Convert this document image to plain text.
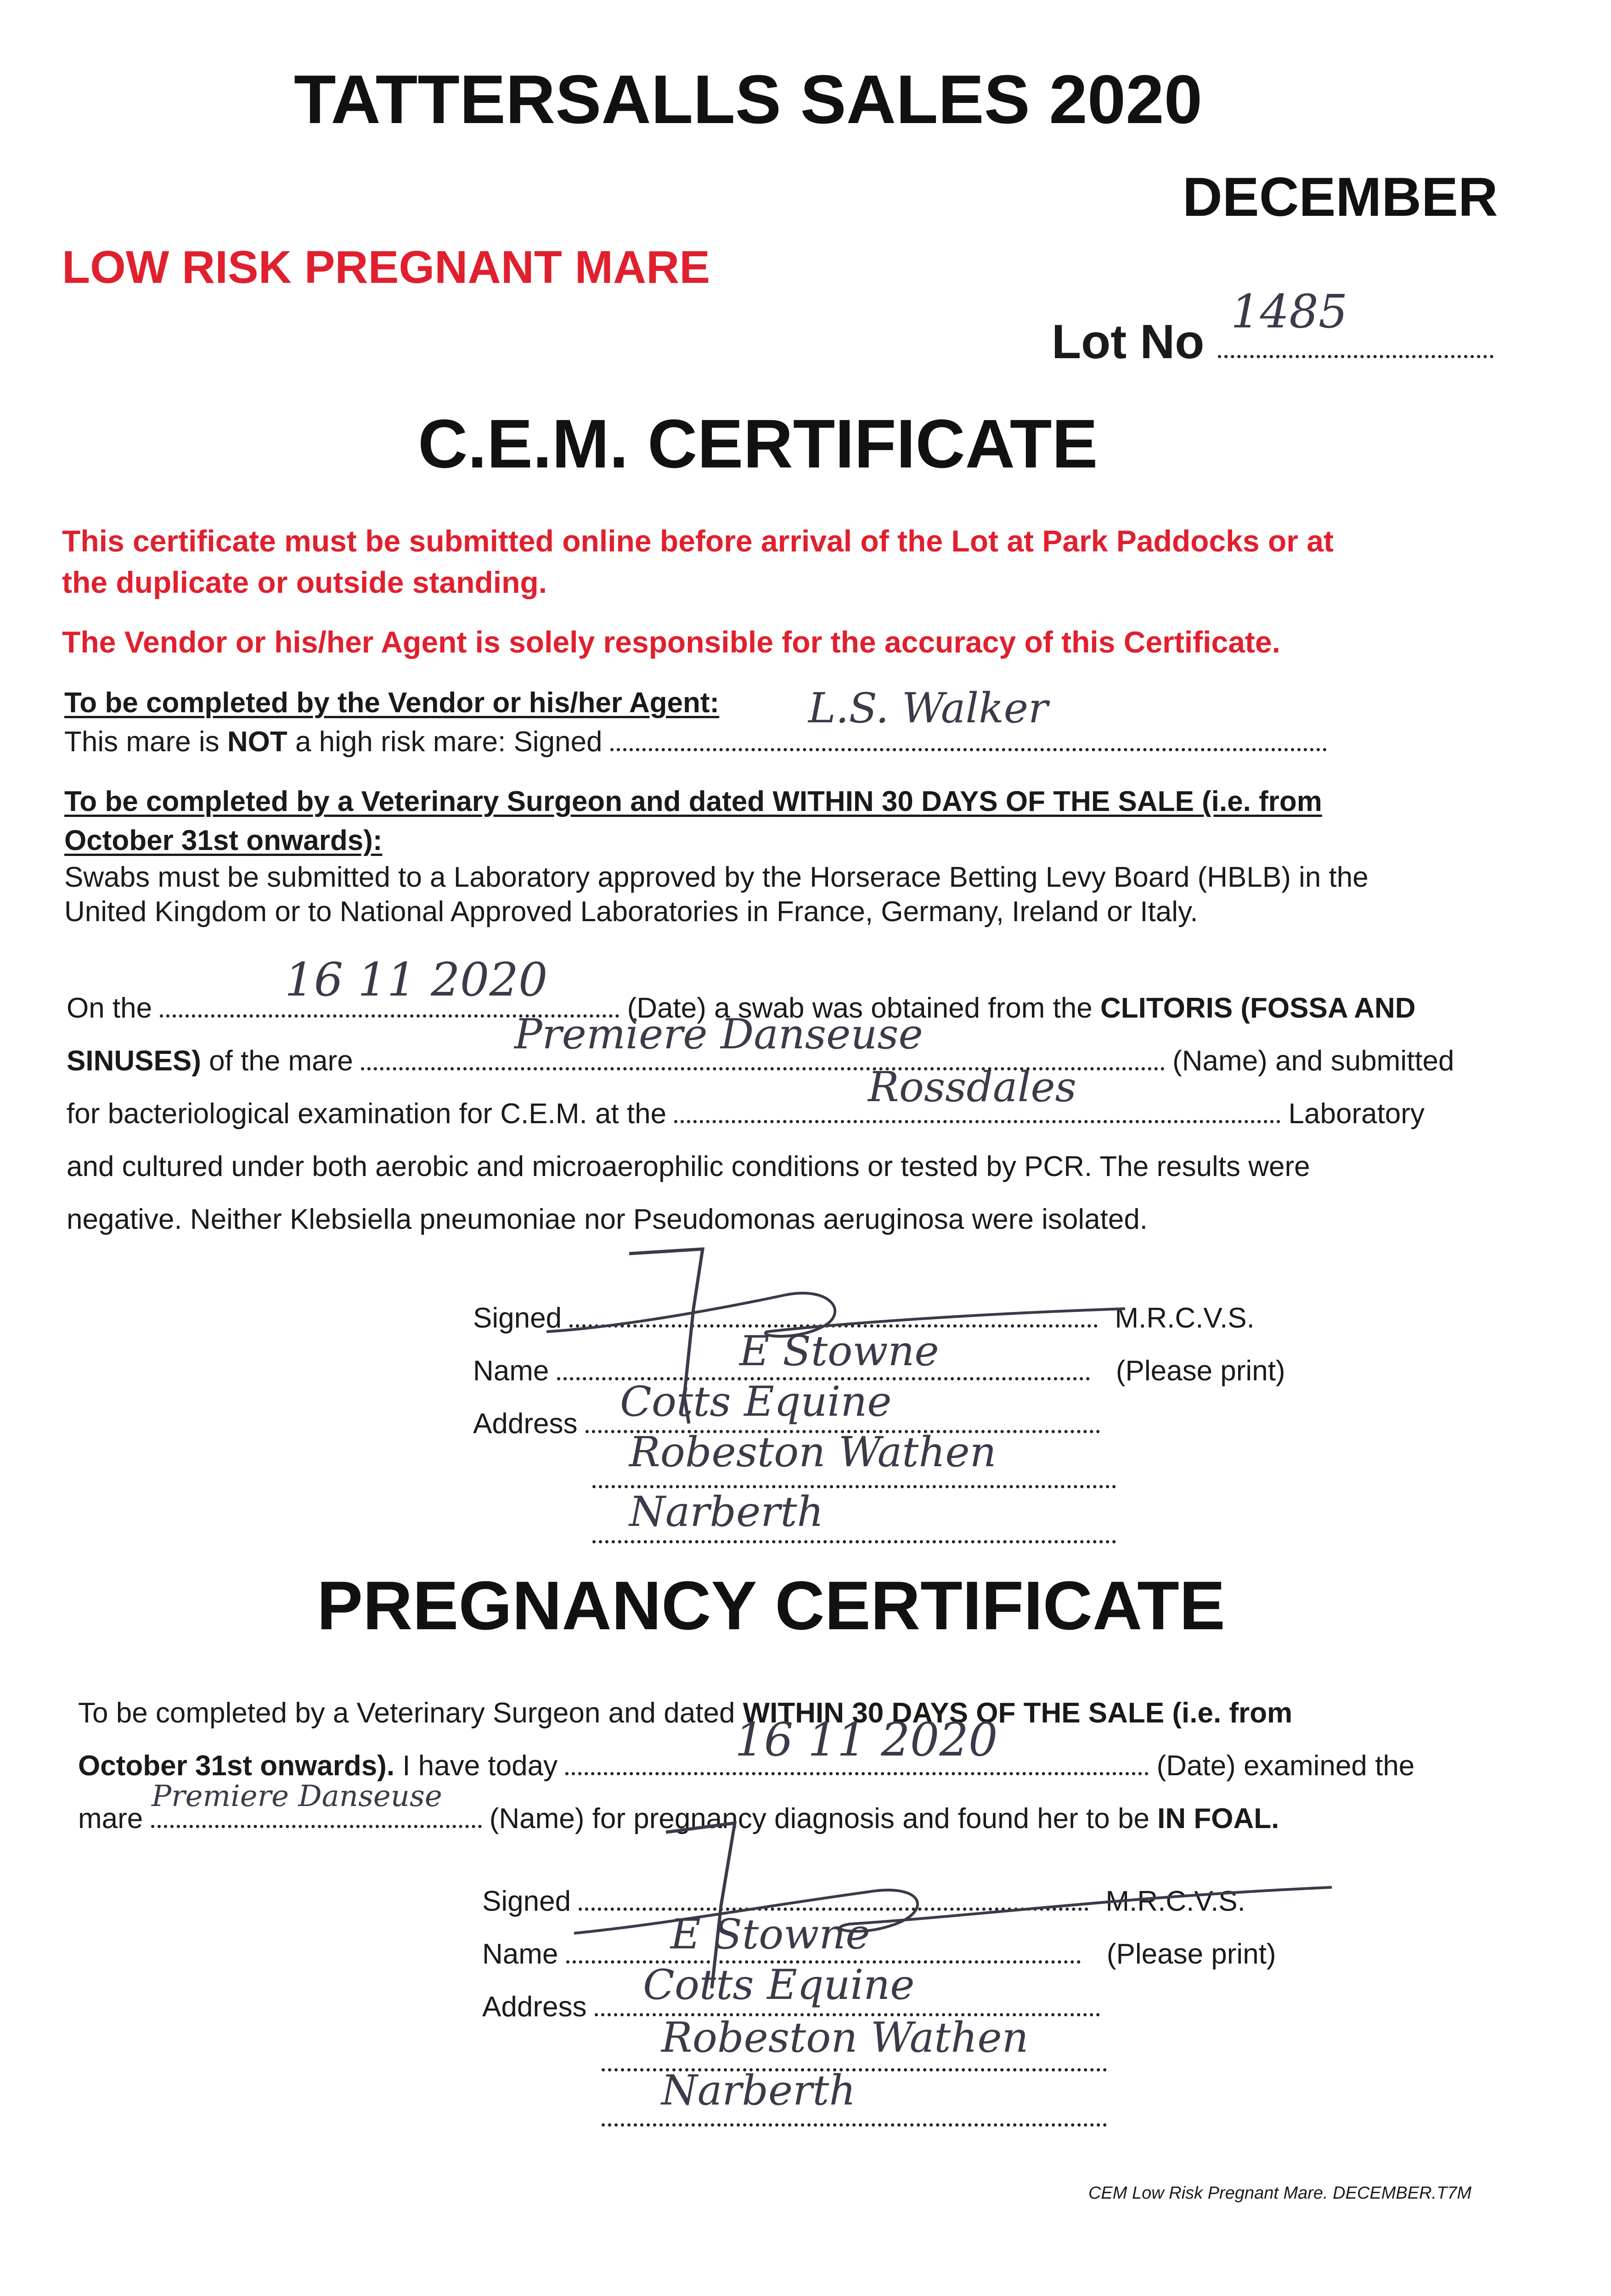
TATTERSALLS SALES 2020
DECEMBER
LOW RISK PREGNANT MARE
Lot No
1485
C.E.M. CERTIFICATE
This certificate must be submitted online before arrival of the Lot at Park Paddocks or at
the duplicate or outside standing.
The Vendor or his/her Agent is solely responsible for the accuracy of this Certificate.
To be completed by the Vendor or his/her Agent:
This mare is NOT a high risk mare: Signed
L.S. Walker
To be completed by a Veterinary Surgeon and dated WITHIN 30 DAYS OF THE SALE (i.e. from
October 31st onwards):
Swabs must be submitted to a Laboratory approved by the Horserace Betting Levy Board (HBLB) in the
United Kingdom or to National Approved Laboratories in France, Germany, Ireland or Italy.
On the	(Date) a swab was obtained from the CLITORIS (FOSSA AND
16 11 2020
SINUSES) of the mare	(Name) and submitted
Premiere Danseuse
for bacteriological examination for C.E.M. at the	Laboratory
Rossdales
and cultured under both aerobic and microaerophilic conditions or tested by PCR. The results were
negative. Neither Klebsiella pneumoniae nor Pseudomonas aeruginosa were isolated.
Signed	M.R.C.V.S.
Name	(Please print)
E Stowne
Address	Cotts Equine
Robeston Wathen
Narberth
PREGNANCY CERTIFICATE
To be completed by a Veterinary Surgeon and dated WITHIN 30 DAYS OF THE SALE (i.e. from
October 31st onwards). I have today	(Date) examined the
16 11 2020
mare	(Name) for pregnancy diagnosis and found her to be IN FOAL.
Premiere Danseuse
Signed	M.R.C.V.S.
Name	(Please print)
E Stowne
Address	Cotts Equine
Robeston Wathen
Narberth
CEM Low Risk Pregnant Mare. DECEMBER.T7M
